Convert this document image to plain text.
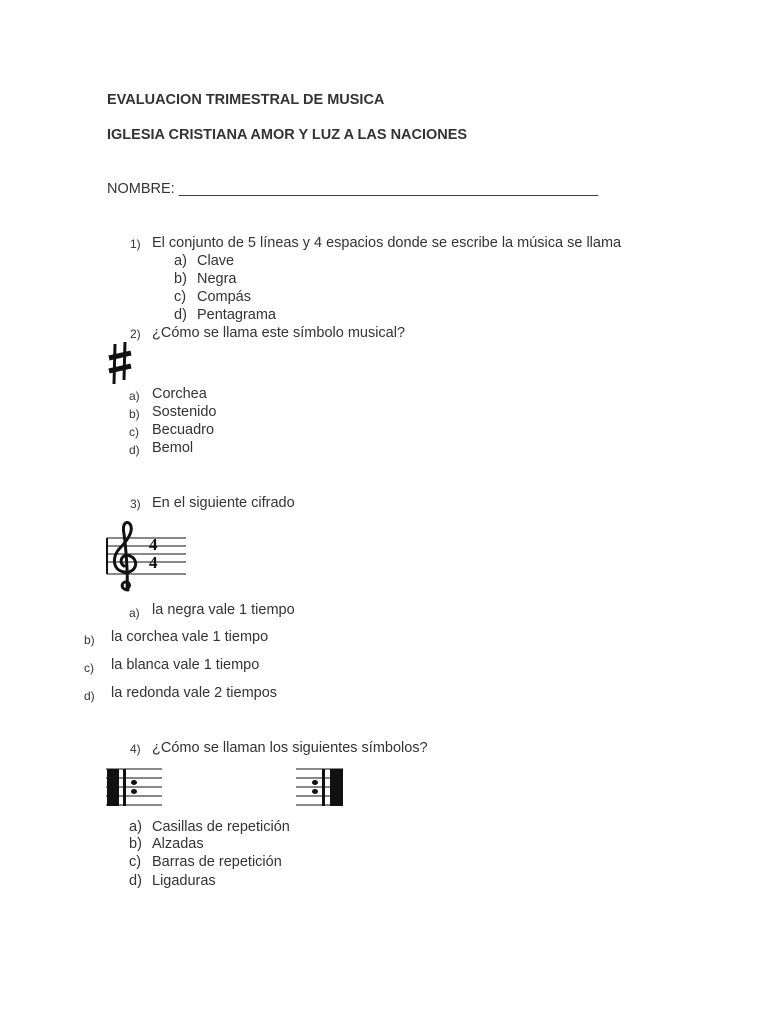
EVALUACION TRIMESTRAL DE MUSICA
IGLESIA CRISTIANA AMOR Y LUZ A LAS NACIONES
NOMBRE: ____________________________________________________
1) El conjunto de 5 líneas y 4 espacios donde se escribe la música se llama
a) Clave
b) Negra
c) Compás
d) Pentagrama
2) ¿Cómo se llama este símbolo musical?
a) Corchea
b) Sostenido
c) Becuadro
d) Bemol
3) En el siguiente cifrado
4
4
a) la negra vale 1 tiempo
b) la corchea vale 1 tiempo
c) la blanca vale 1 tiempo
d) la redonda vale 2 tiempos
4) ¿Cómo se llaman los siguientes símbolos?
a) Casillas de repetición
b) Alzadas
c) Barras de repetición
d) Ligaduras
